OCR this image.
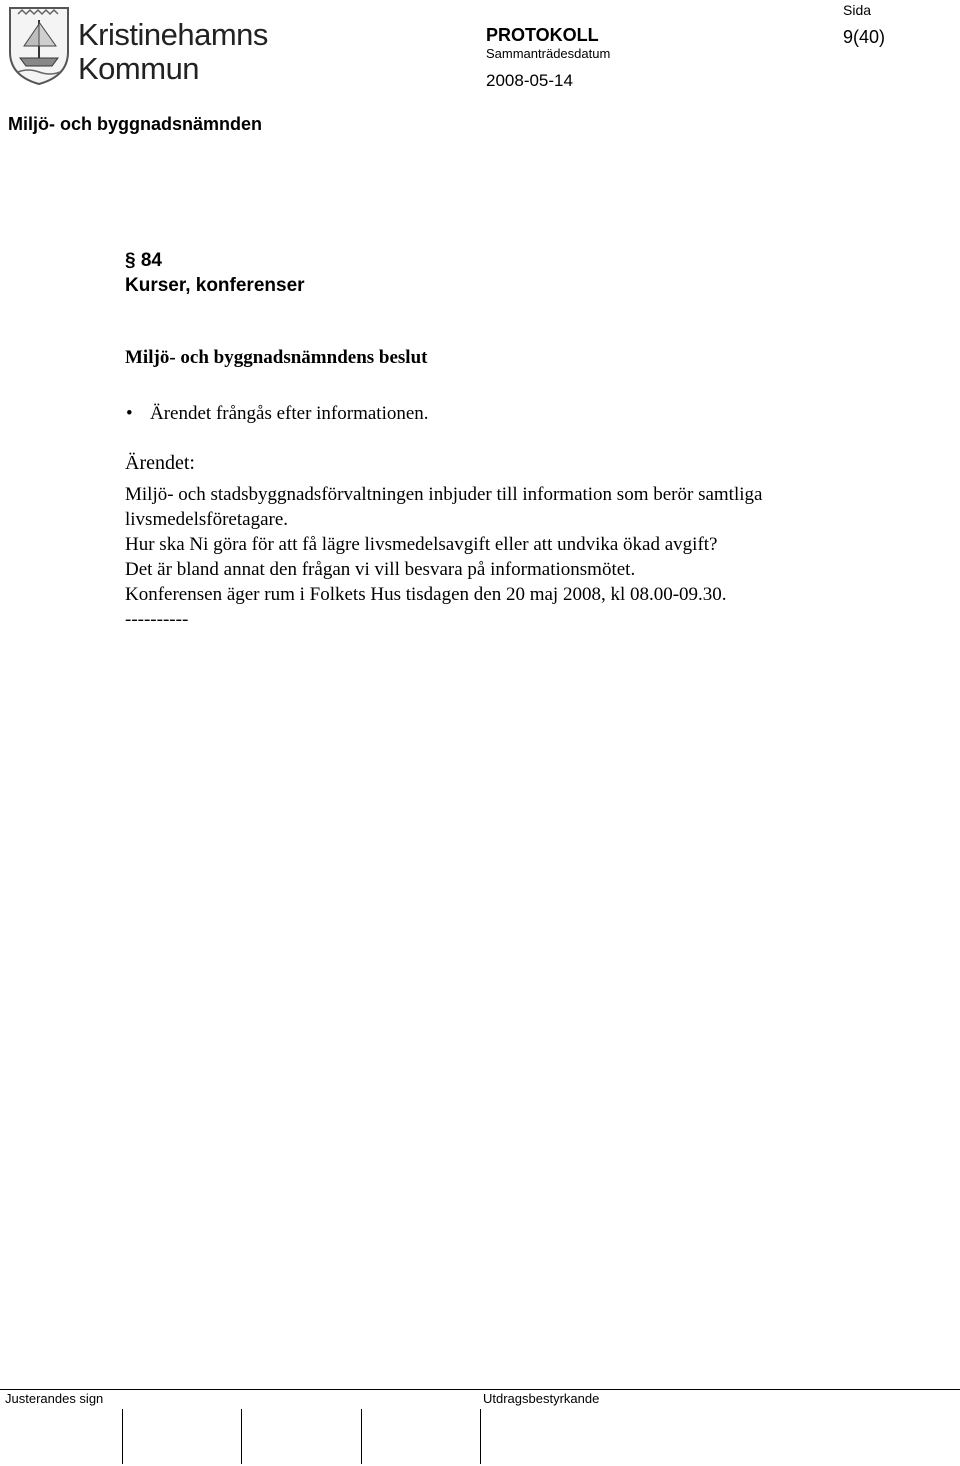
Kristinehamns
Kommun
PROTOKOLL
Sida
9(40)
Sammanträdesdatum
2008-05-14
Miljö- och byggnadsnämnden
§ 84
Kurser, konferenser
Miljö- och byggnadsnämndens beslut
• Ärendet frångås efter informationen.
Ärendet:
Miljö- och stadsbyggnadsförvaltningen inbjuder till information som berör samtliga
livsmedelsföretagare.
Hur ska Ni göra för att få lägre livsmedelsavgift eller att undvika ökad avgift?
Det är bland annat den frågan vi vill besvara på informationsmötet.
Konferensen äger rum i Folkets Hus tisdagen den 20 maj 2008, kl 08.00-09.30.
----------
Justerandes sign	Utdragsbestyrkande
